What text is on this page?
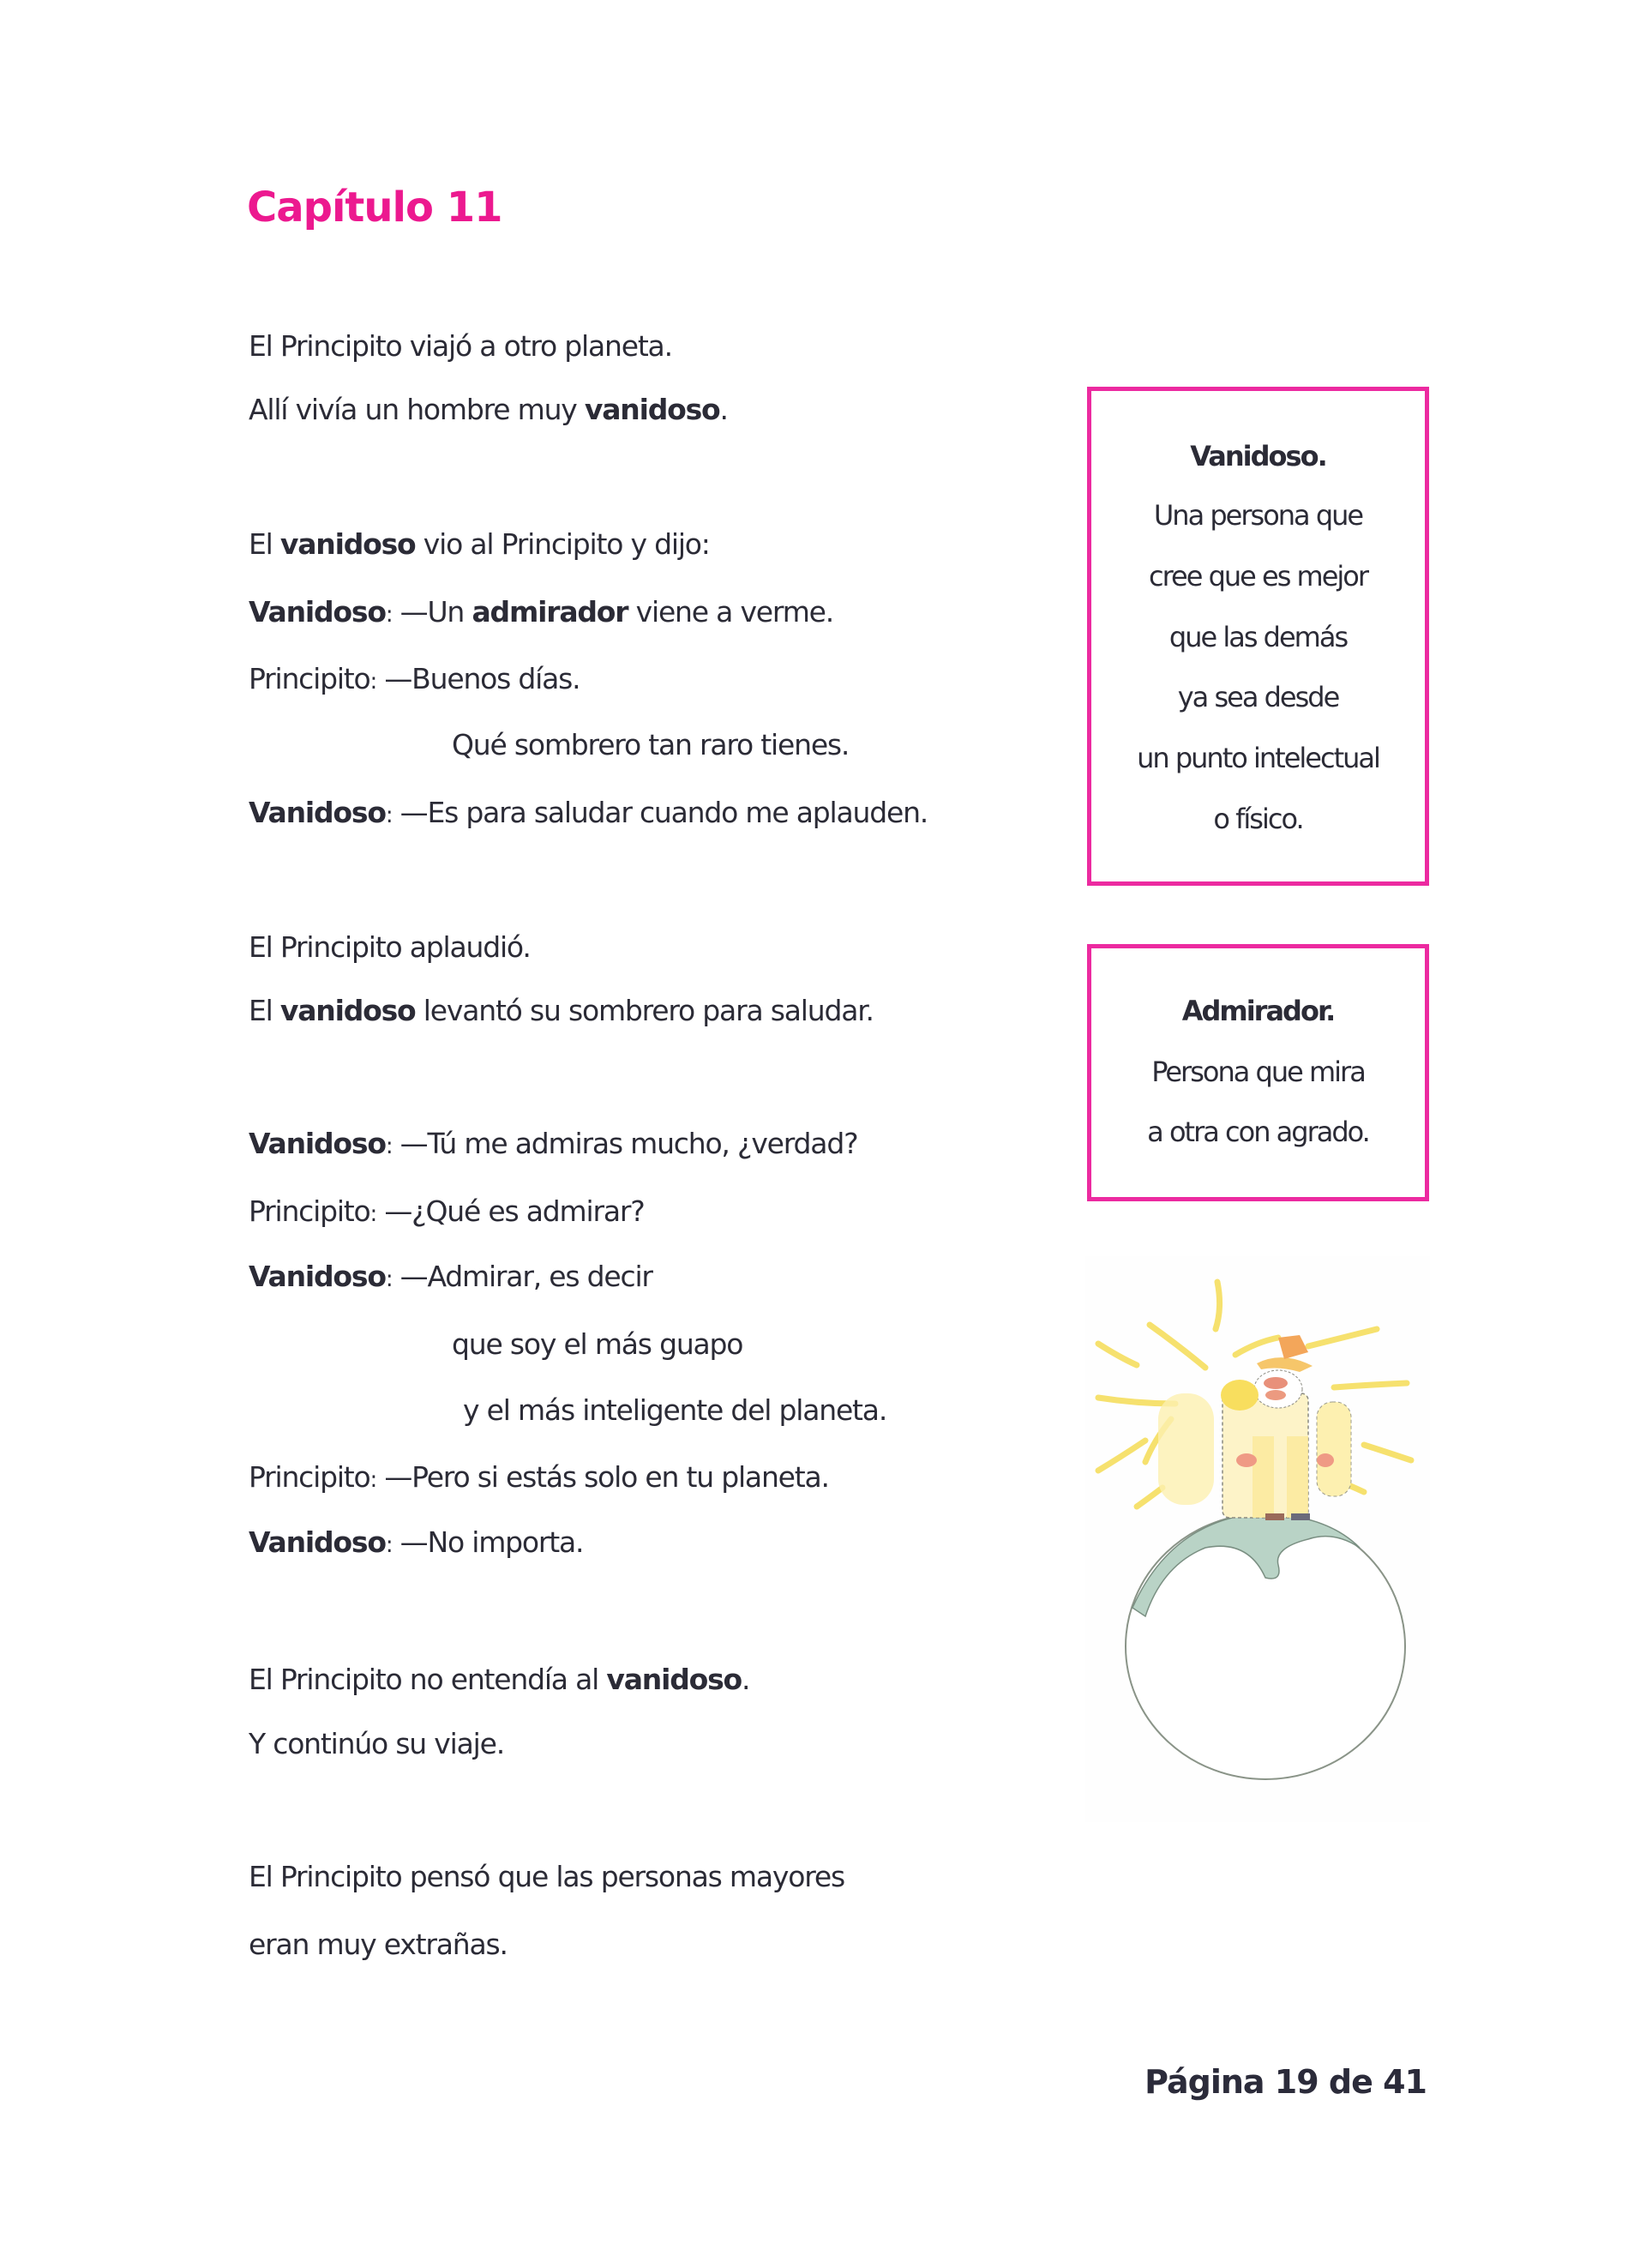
Capítulo 11
El Principito viajó a otro planeta.
Allí vivía un hombre muy vanidoso.
El vanidoso vio al Principito y dijo:
Vanidoso: —Un admirador viene a verme.
Principito: —Buenos días.
Qué sombrero tan raro tienes.
Vanidoso: —Es para saludar cuando me aplauden.
El Principito aplaudió.
El vanidoso levantó su sombrero para saludar.
Vanidoso: —Tú me admiras mucho, ¿verdad?
Principito: —¿Qué es admirar?
Vanidoso: —Admirar, es decir
que soy el más guapo
y el más inteligente del planeta.
Principito: —Pero si estás solo en tu planeta.
Vanidoso: —No importa.
El Principito no entendía al vanidoso.
Y continúo su viaje.
El Principito pensó que las personas mayores
eran muy extrañas.
Vanidoso.
Una persona que
cree que es mejor
que las demás
ya sea desde
un punto intelectual
o físico.
Admirador.
Persona que mira
a otra con agrado.
Página 19 de 41
